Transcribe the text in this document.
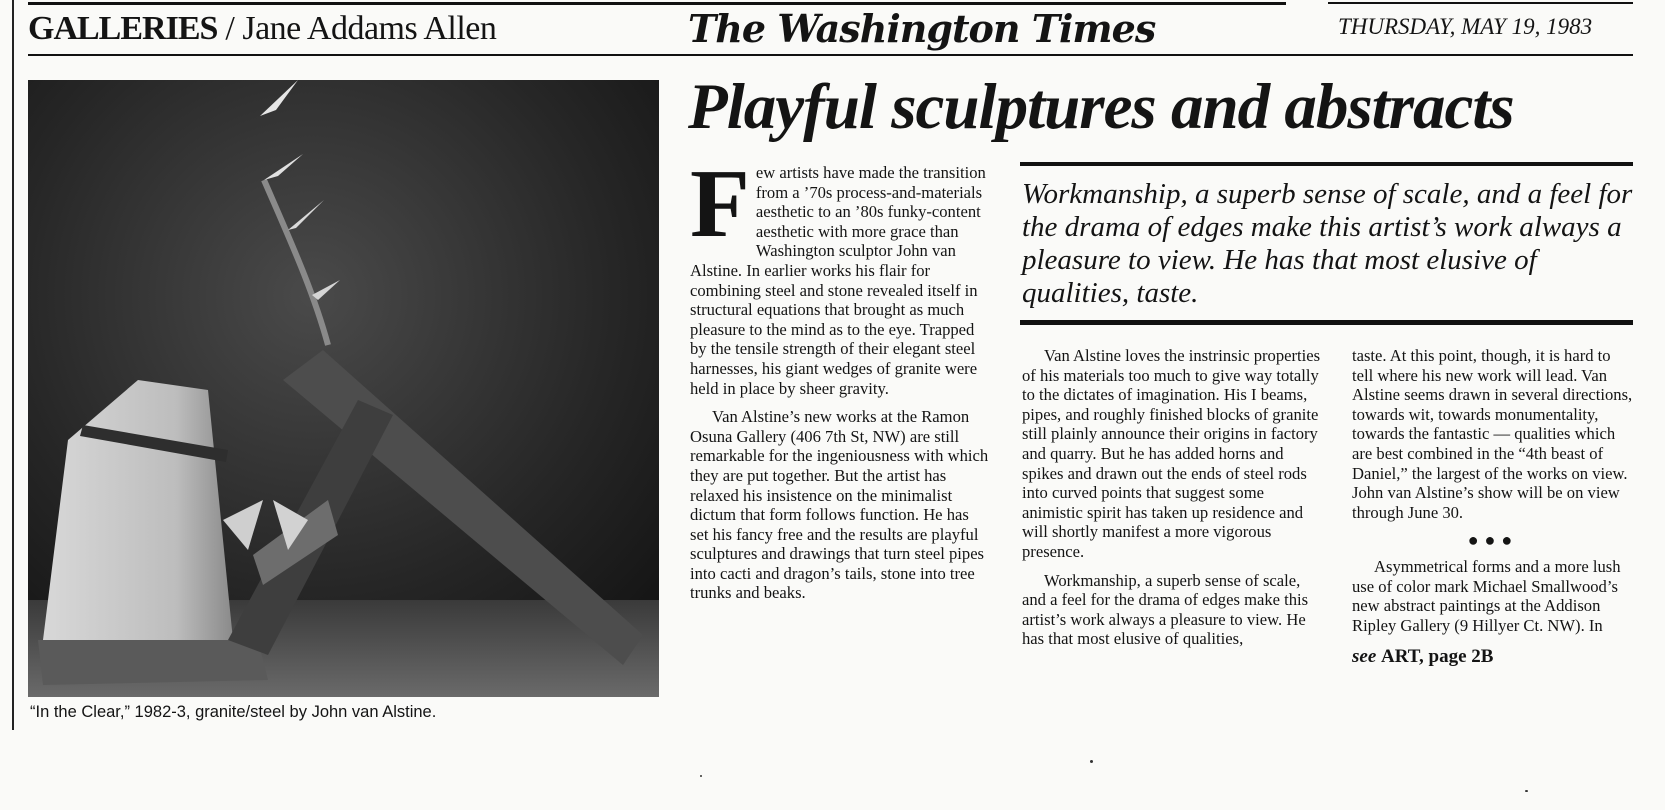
GALLERIES / Jane Addams Allen	The Washington Times	THURSDAY, MAY 19, 1983
“In the Clear,” 1982-3, granite/steel by John van Alstine.
Playful sculptures and abstracts

Few artists have made the transition from a ’70s process-and-materials aesthetic to an ’80s funky-content aesthetic with more grace than Washington sculptor John van Alstine. In earlier works his flair for combining steel and stone revealed itself in structural equations that brought as much pleasure to the mind as to the eye. Trapped by the tensile strength of their elegant steel harnesses, his giant wedges of granite were held in place by sheer gravity.

Van Alstine’s new works at the Ramon Osuna Gallery (406 7th St, NW) are still remarkable for the ingeniousness with which they are put together. But the artist has relaxed his insistence on the minimalist dictum that form follows function. He has set his fancy free and the results are playful sculptures and drawings that turn steel pipes into cacti and dragon’s tails, stone into tree trunks and beaks.

Workmanship, a superb sense of scale, and a feel for the drama of edges make this artist’s work always a pleasure to view. He has that most elusive of qualities, taste.

Van Alstine loves the instrinsic properties of his materials too much to give way totally to the dictates of imagination. His I beams, pipes, and roughly finished blocks of granite still plainly announce their origins in factory and quarry. But he has added horns and spikes and drawn out the ends of steel rods into curved points that suggest some animistic spirit has taken up residence and will shortly manifest a more vigorous presence.

Workmanship, a superb sense of scale, and a feel for the drama of edges make this artist’s work always a pleasure to view. He has that most elusive of qualities,

taste. At this point, though, it is hard to tell where his new work will lead. Van Alstine seems drawn in several directions, towards wit, towards monumentality, towards the fantastic — qualities which are best combined in the “4th beast of Daniel,” the largest of the works on view. John van Alstine’s show will be on view through June 30.

●●●

Asymmetrical forms and a more lush use of color mark Michael Smallwood’s new abstract paintings at the Addison Ripley Gallery (9 Hillyer Ct. NW). In

see ART, page 2B
